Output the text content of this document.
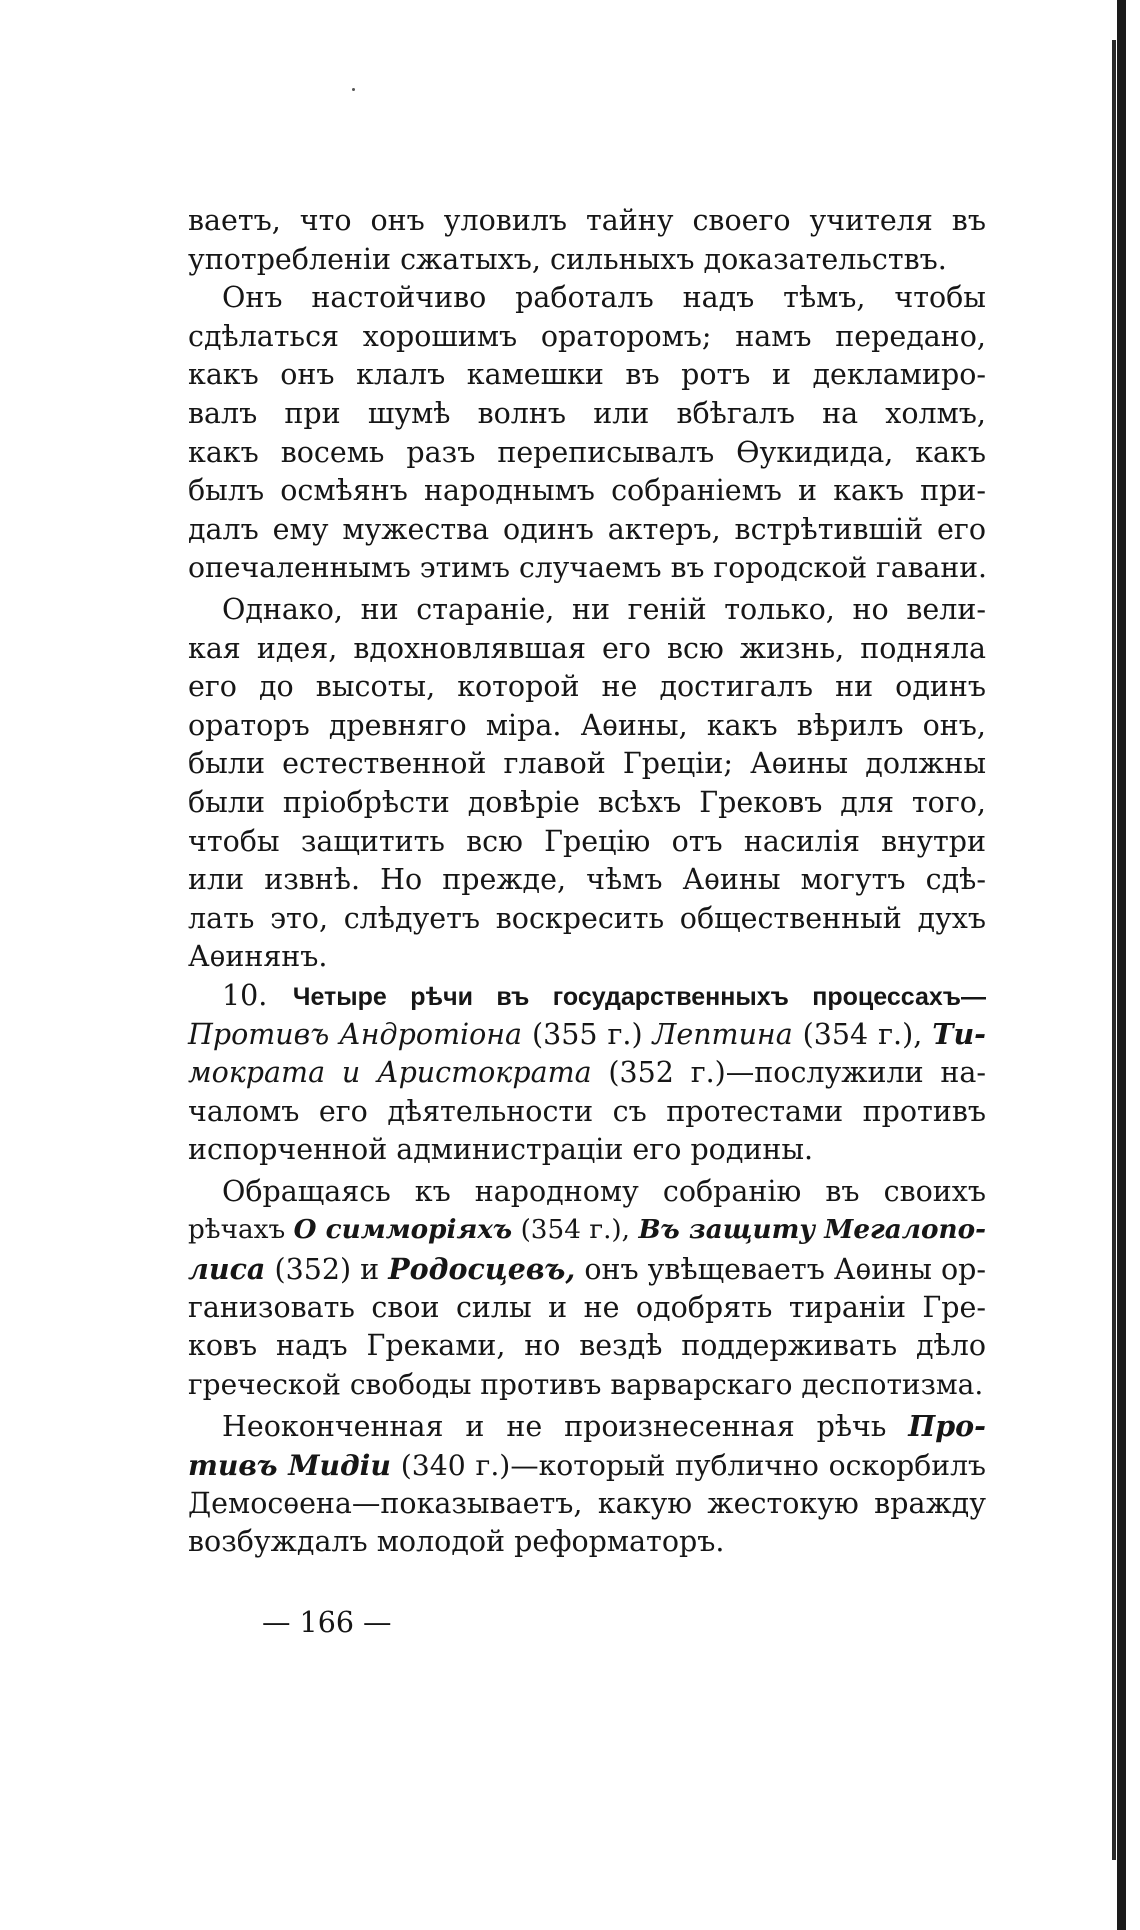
ваетъ, что онъ уловилъ тайну своего учителя въ
употребленіи сжатыхъ, сильныхъ доказательствъ.
Онъ настойчиво работалъ надъ тѣмъ, чтобы
сдѣлаться хорошимъ ораторомъ; намъ передано,
какъ онъ клалъ камешки въ ротъ и декламиро-
валъ при шумѣ волнъ или вбѣгалъ на холмъ,
какъ восемь разъ переписывалъ Ѳукидида, какъ
былъ осмѣянъ народнымъ собраніемъ и какъ при-
далъ ему мужества одинъ актеръ, встрѣтившій его
опечаленнымъ этимъ случаемъ въ городской гавани.
Однако, ни стараніе, ни геній только, но вели-
кая идея, вдохновлявшая его всю жизнь, подняла
его до высоты, которой не достигалъ ни одинъ
ораторъ древняго міра. Аѳины, какъ вѣрилъ онъ,
были естественной главой Греціи; Аѳины должны
были пріобрѣсти довѣріе всѣхъ Грековъ для того,
чтобы защитить всю Грецію отъ насилія внутри
или извнѣ. Но прежде, чѣмъ Аѳины могутъ сдѣ-
лать это, слѣдуетъ воскресить общественный духъ
Аѳинянъ.
10. Четыре рѣчи въ государственныхъ процессахъ—
Противъ Андротіона (355 г.) Лептина (354 г.), Ти-
мократа и Аристократа (352 г.)—послужили на-
чаломъ его дѣятельности съ протестами противъ
испорченной администраціи его родины.
Обращаясь къ народному собранію въ своихъ
рѣчахъ О симморіяхъ (354 г.), Въ защиту Мегалопо-
лиса (352) и Родосцевъ, онъ увѣщеваетъ Аѳины ор-
ганизовать свои силы и не одобрять тираніи Гре-
ковъ надъ Греками, но вездѣ поддерживать дѣло
греческой свободы противъ варварскаго деспотизма.
Неоконченная и не произнесенная рѣчь Про-
тивъ Мидіи (340 г.)—который публично оскорбилъ
Демосѳена—показываетъ, какую жестокую вражду
возбуждалъ молодой реформаторъ.
— 166 —
